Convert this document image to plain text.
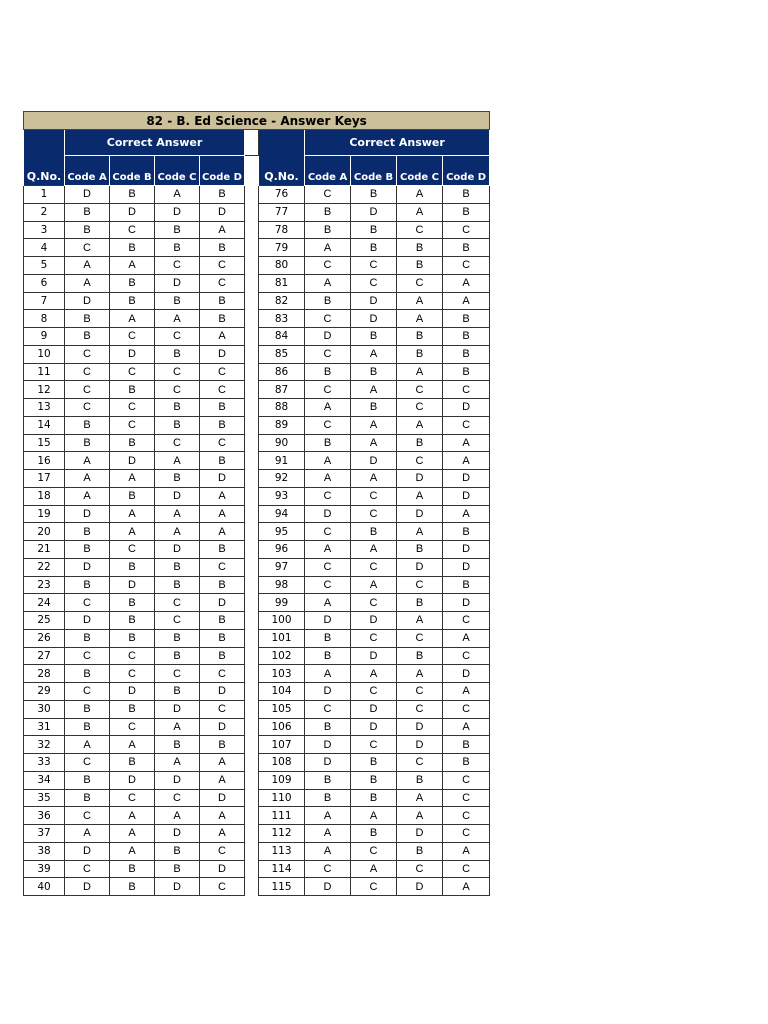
82 - B. Ed Science - Answer Keys										
Q.No.	Correct Answer					Q.No.	Correct Answer			
	Code A	Code B	Code C	Code D			Code A	Code B	Code C	Code D
1	D	B	A	B		76	C	B	A	B
2	B	D	D	D		77	B	D	A	B
3	B	C	B	A		78	B	B	C	C
4	C	B	B	B		79	A	B	B	B
5	A	A	C	C		80	C	C	B	C
6	A	B	D	C		81	A	C	C	A
7	D	B	B	B		82	B	D	A	A
8	B	A	A	B		83	C	D	A	B
9	B	C	C	A		84	D	B	B	B
10	C	D	B	D		85	C	A	B	B
11	C	C	C	C		86	B	B	A	B
12	C	B	C	C		87	C	A	C	C
13	C	C	B	B		88	A	B	C	D
14	B	C	B	B		89	C	A	A	C
15	B	B	C	C		90	B	A	B	A
16	A	D	A	B		91	A	D	C	A
17	A	A	B	D		92	A	A	D	D
18	A	B	D	A		93	C	C	A	D
19	D	A	A	A		94	D	C	D	A
20	B	A	A	A		95	C	B	A	B
21	B	C	D	B		96	A	A	B	D
22	D	B	B	C		97	C	C	D	D
23	B	D	B	B		98	C	A	C	B
24	C	B	C	D		99	A	C	B	D
25	D	B	C	B		100	D	D	A	C
26	B	B	B	B		101	B	C	C	A
27	C	C	B	B		102	B	D	B	C
28	B	C	C	C		103	A	A	A	D
29	C	D	B	D		104	D	C	C	A
30	B	B	D	C		105	C	D	C	C
31	B	C	A	D		106	B	D	D	A
32	A	A	B	B		107	D	C	D	B
33	C	B	A	A		108	D	B	C	B
34	B	D	D	A		109	B	B	B	C
35	B	C	C	D		110	B	B	A	C
36	C	A	A	A		111	A	A	A	C
37	A	A	D	A		112	A	B	D	C
38	D	A	B	C		113	A	C	B	A
39	C	B	B	D		114	C	A	C	C
40	D	B	D	C		115	D	C	D	A
